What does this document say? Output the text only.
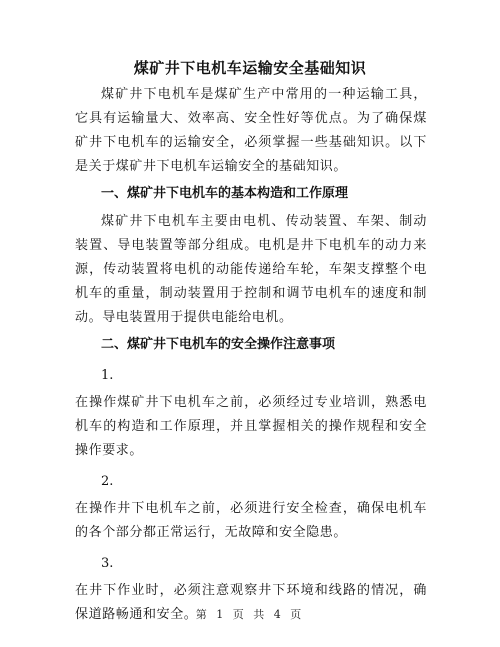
煤矿井下电机车运输安全基础知识

煤矿井下电机车是煤矿生产中常用的一种运输工具，它具有运输量大、效率高、安全性好等优点。为了确保煤矿井下电机车的运输安全，必须掌握一些基础知识。以下是关于煤矿井下电机车运输安全的基础知识。

一、煤矿井下电机车的基本构造和工作原理

煤矿井下电机车主要由电机、传动装置、车架、制动装置、导电装置等部分组成。电机是井下电机车的动力来源，传动装置将电机的动能传递给车轮，车架支撑整个电机车的重量，制动装置用于控制和调节电机车的速度和制动。导电装置用于提供电能给电机。

二、煤矿井下电机车的安全操作注意事项

1.

在操作煤矿井下电机车之前，必须经过专业培训，熟悉电机车的构造和工作原理，并且掌握相关的操作规程和安全操作要求。

2.

在操作井下电机车之前，必须进行安全检查，确保电机车的各个部分都正常运行，无故障和安全隐患。

3.

在井下作业时，必须注意观察井下环境和线路的情况，确保道路畅通和安全。

第 1 页 共 4 页
